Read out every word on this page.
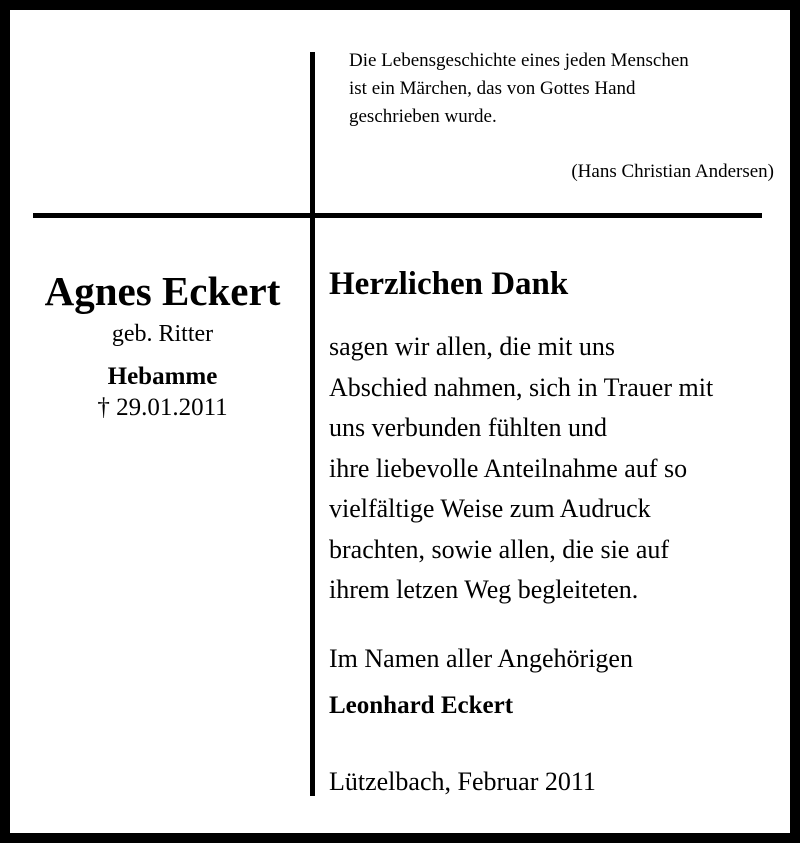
Die Lebensgeschichte eines jeden Menschen
ist ein Märchen, das von Gottes Hand
geschrieben wurde.
(Hans Christian Andersen)
Agnes Eckert
geb. Ritter
Hebamme
† 29.01.2011
Herzlichen Dank
sagen wir allen, die mit uns
Abschied nahmen, sich in Trauer mit
uns verbunden fühlten und
ihre liebevolle Anteilnahme auf so
vielfältige Weise zum Audruck
brachten, sowie allen, die sie auf
ihrem letzen Weg begleiteten.
Im Namen aller Angehörigen
Leonhard Eckert
Lützelbach, Februar 2011
